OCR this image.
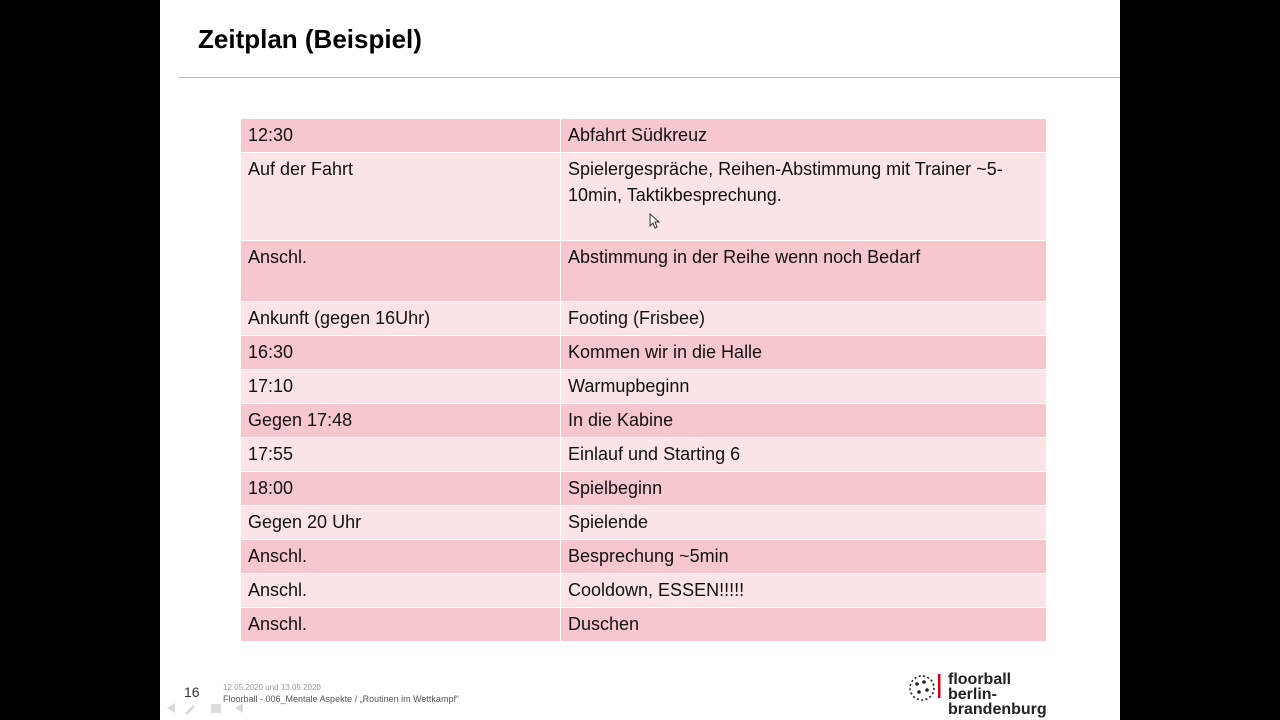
Zeitplan (Beispiel)
12:30	Abfahrt Südkreuz
Auf der Fahrt	Spielergespräche, Reihen-Abstimmung mit Trainer ~5-10min, Taktikbesprechung.
Anschl.	Abstimmung in der Reihe wenn noch Bedarf
Ankunft (gegen 16Uhr)	Footing (Frisbee)
16:30	Kommen wir in die Halle
17:10	Warmupbeginn
Gegen 17:48	In die Kabine
17:55	Einlauf und Starting 6
18:00	Spielbeginn
Gegen 20 Uhr	Spielende
Anschl.	Besprechung ~5min
Anschl.	Cooldown, ESSEN!!!!!
Anschl.	Duschen
16	12.05.2020 und 13.05.2020
Floorball - 006_Mentale Aspekte / „Routinen im Wettkampf“
floorball
berlin-brandenburg
